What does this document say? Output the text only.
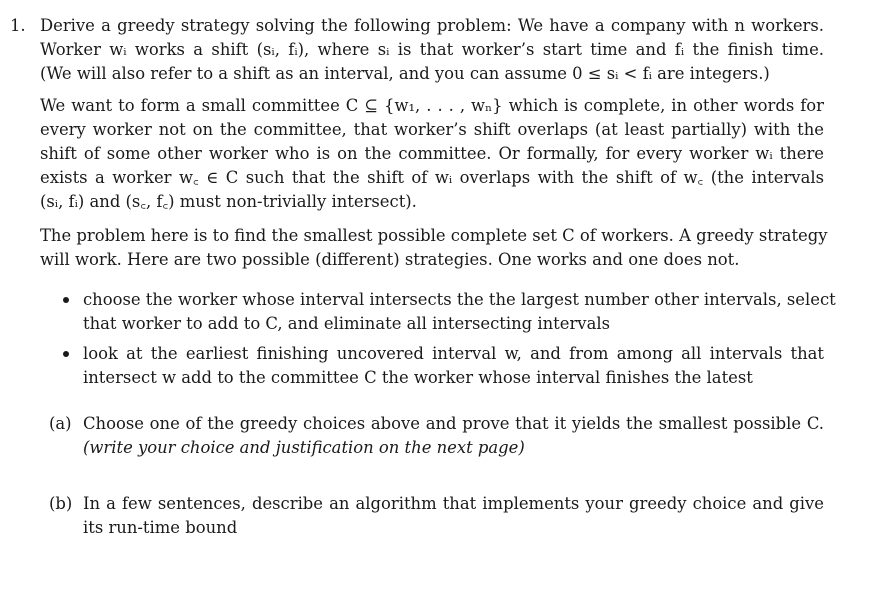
1. Derive a greedy strategy solving the following problem: We have a company with n workers.
Worker wᵢ works a shift (sᵢ, fᵢ), where sᵢ is that worker’s start time and fᵢ the finish time.
(We will also refer to a shift as an interval, and you can assume 0 ≤ sᵢ < fᵢ are integers.)
We want to form a small committee C ⊆ {w₁, . . . , wₙ} which is complete, in other words for
every worker not on the committee, that worker’s shift overlaps (at least partially) with the
shift of some other worker who is on the committee. Or formally, for every worker wᵢ there
exists a worker w꜀ ∈ C such that the shift of wᵢ overlaps with the shift of w꜀ (the intervals
(sᵢ, fᵢ) and (s꜀, f꜀) must non-trivially intersect).
The problem here is to find the smallest possible complete set C of workers. A greedy strategy
will work. Here are two possible (different) strategies. One works and one does not.
choose the worker whose interval intersects the the largest number other intervals, select
that worker to add to C, and eliminate all intersecting intervals
look at the earliest finishing uncovered interval w, and from among all intervals that
intersect w add to the committee C the worker whose interval finishes the latest
(a) Choose one of the greedy choices above and prove that it yields the smallest possible C.
(write your choice and justification on the next page)
(b) In a few sentences, describe an algorithm that implements your greedy choice and give
its run-time bound
